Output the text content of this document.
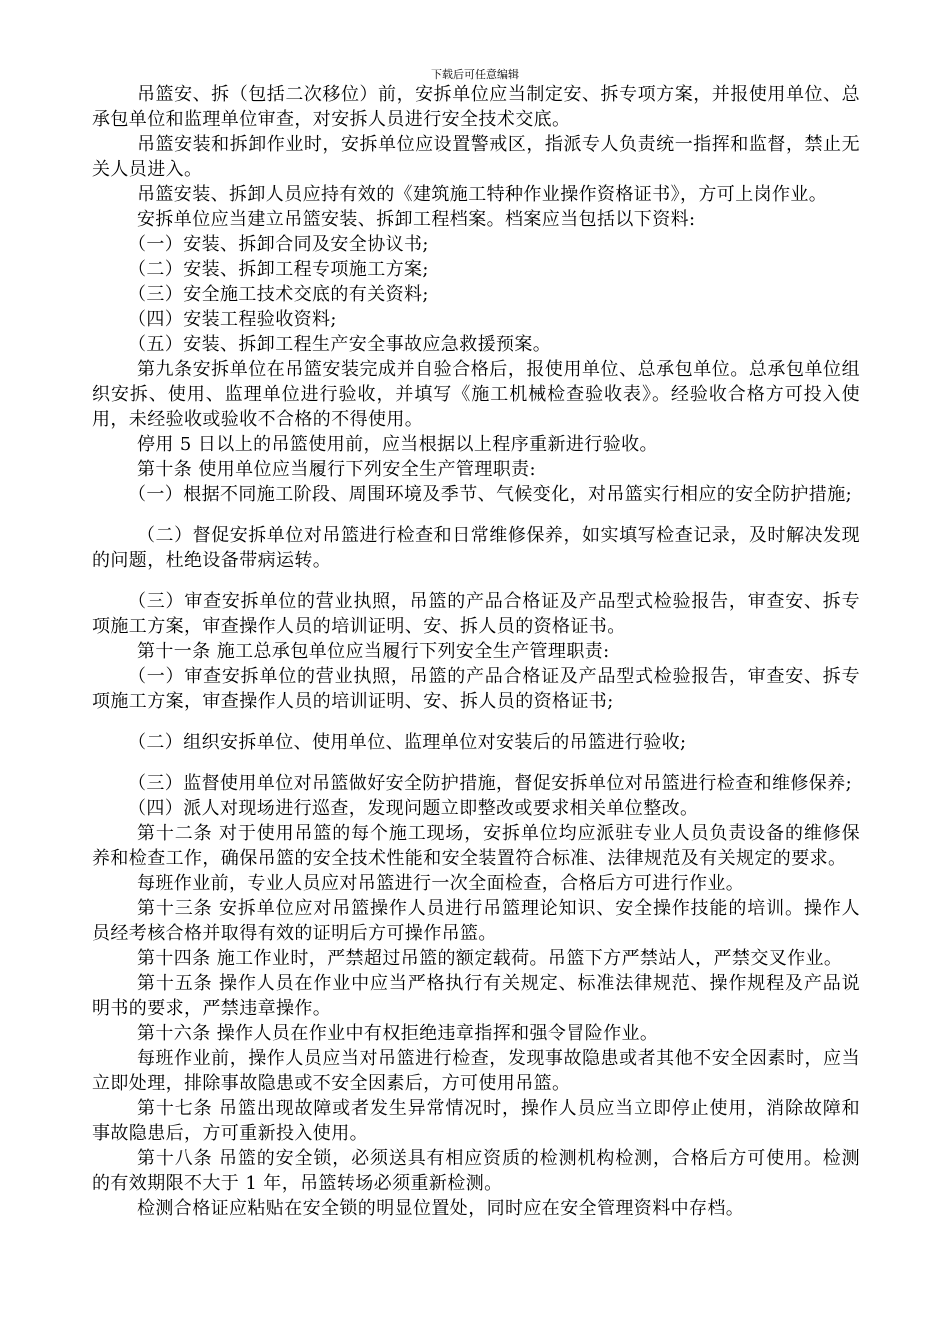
下载后可任意编辑

吊篮安、拆（包括二次移位）前，安拆单位应当制定安、拆专项方案，并报使用单位、总承包单位和监理单位审查，对安拆人员进行安全技术交底。

吊篮安装和拆卸作业时，安拆单位应设置警戒区，指派专人负责统一指挥和监督，禁止无关人员进入。

吊篮安装、拆卸人员应持有效的《建筑施工特种作业操作资格证书》，方可上岗作业。

安拆单位应当建立吊篮安装、拆卸工程档案。档案应当包括以下资料:

（一）安装、拆卸合同及安全协议书;

（二）安装、拆卸工程专项施工方案;

（三）安全施工技术交底的有关资料;

（四）安装工程验收资料;

（五）安装、拆卸工程生产安全事故应急救援预案。

第九条安拆单位在吊篮安装完成并自验合格后，报使用单位、总承包单位。总承包单位组织安拆、使用、监理单位进行验收，并填写《施工机械检查验收表》。经验收合格方可投入使用，未经验收或验收不合格的不得使用。

停用 5 日以上的吊篮使用前，应当根据以上程序重新进行验收。

第十条 使用单位应当履行下列安全生产管理职责:

（一）根据不同施工阶段、周围环境及季节、气候变化，对吊篮实行相应的安全防护措施;

（二）督促安拆单位对吊篮进行检查和日常维修保养，如实填写检查记录，及时解决发现的问题，杜绝设备带病运转。

（三）审查安拆单位的营业执照，吊篮的产品合格证及产品型式检验报告，审查安、拆专项施工方案，审查操作人员的培训证明、安、拆人员的资格证书。

第十一条 施工总承包单位应当履行下列安全生产管理职责:

（一）审查安拆单位的营业执照，吊篮的产品合格证及产品型式检验报告，审查安、拆专项施工方案，审查操作人员的培训证明、安、拆人员的资格证书;

（二）组织安拆单位、使用单位、监理单位对安装后的吊篮进行验收;

（三）监督使用单位对吊篮做好安全防护措施，督促安拆单位对吊篮进行检查和维修保养;

（四）派人对现场进行巡查，发现问题立即整改或要求相关单位整改。

第十二条 对于使用吊篮的每个施工现场，安拆单位均应派驻专业人员负责设备的维修保养和检查工作，确保吊篮的安全技术性能和安全装置符合标准、法律规范及有关规定的要求。

每班作业前，专业人员应对吊篮进行一次全面检查，合格后方可进行作业。

第十三条 安拆单位应对吊篮操作人员进行吊篮理论知识、安全操作技能的培训。操作人员经考核合格并取得有效的证明后方可操作吊篮。

第十四条 施工作业时，严禁超过吊篮的额定载荷。吊篮下方严禁站人，严禁交叉作业。

第十五条 操作人员在作业中应当严格执行有关规定、标准法律规范、操作规程及产品说明书的要求，严禁违章操作。

第十六条 操作人员在作业中有权拒绝违章指挥和强令冒险作业。

每班作业前，操作人员应当对吊篮进行检查，发现事故隐患或者其他不安全因素时，应当立即处理，排除事故隐患或不安全因素后，方可使用吊篮。

第十七条 吊篮出现故障或者发生异常情况时，操作人员应当立即停止使用，消除故障和事故隐患后，方可重新投入使用。

第十八条 吊篮的安全锁，必须送具有相应资质的检测机构检测，合格后方可使用。检测的有效期限不大于 1 年，吊篮转场必须重新检测。

检测合格证应粘贴在安全锁的明显位置处，同时应在安全管理资料中存档。
